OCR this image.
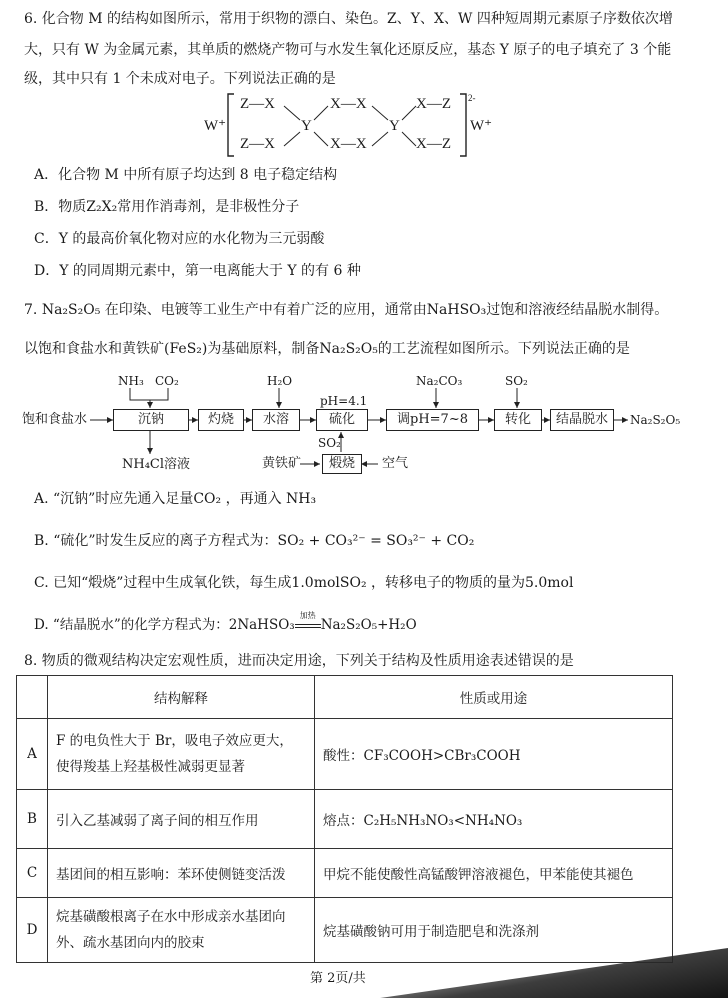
6. 化合物 M 的结构如图所示，常用于织物的漂白、染色。Z、Y、X、W 四种短周期元素原子序数依次增
大，只有 W 为金属元素，其单质的燃烧产物可与水发生氧化还原反应，基态 Y 原子的电子填充了 3 个能
级，其中只有 1 个未成对电子。下列说法正确的是
W⁺
Z—X
Z—X
Y
X—X
X—X
Y
X—Z
X—Z
2-
W⁺
A．化合物 M 中所有原子均达到 8 电子稳定结构
B．物质Z₂X₂常用作消毒剂，是非极性分子
C．Y 的最高价氧化物对应的水化物为三元弱酸
D．Y 的同周期元素中，第一电离能大于 Y 的有 6 种
7. Na₂S₂O₅ 在印染、电镀等工业生产中有着广泛的应用，通常由NaHSO₃过饱和溶液经结晶脱水制得。
以饱和食盐水和黄铁矿(FeS₂)为基础原料，制备Na₂S₂O₅的工艺流程如图所示。下列说法正确的是
饱和食盐水	沉钠	灼烧	水溶	硫化	调pH=7~8	转化	结晶脱水	Na₂S₂O₅
NH₃ CO₂	H₂O
pH=4.1
Na₂CO₃	SO₂
SO₂
NH₄Cl溶液	黄铁矿	煅烧	空气
A. “沉钠”时应先通入足量CO₂ ，再通入 NH₃
B. “硫化”时发生反应的离子方程式为：SO₂ + CO₃²⁻ = SO₃²⁻ + CO₂
C. 已知“煅烧”过程中生成氧化铁，每生成1.0molSO₂ ，转移电子的物质的量为5.0mol
D. “结晶脱水”的化学方程式为：2NaHSO₃
加热
Na₂S₂O₅+H₂O
8. 物质的微观结构决定宏观性质，进而决定用途，下列关于结构及性质用途表述错误的是
	结构解释	性质或用途
A	F 的电负性大于 Br，吸电子效应更大，使得羧基上羟基极性减弱更显著	酸性：CF₃COOH>CBr₃COOH
B	引入乙基减弱了离子间的相互作用	熔点：C₂H₅NH₃NO₃<NH₄NO₃
C	基团间的相互影响：苯环使侧链变活泼	甲烷不能使酸性高锰酸钾溶液褪色，甲苯能使其褪色
D	烷基磺酸根离子在水中形成亲水基团向外、疏水基团向内的胶束	烷基磺酸钠可用于制造肥皂和洗涤剂
第 2页/共
